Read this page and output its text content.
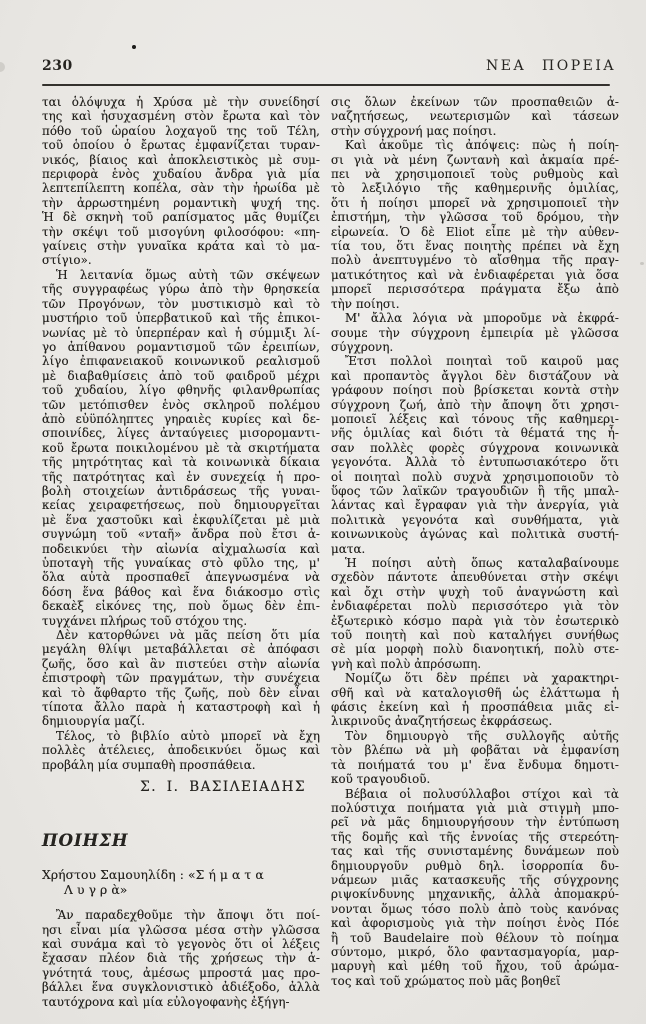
230	ΝΕΑ ΠΟΡΕΙΑ
ται ὁλόψυχα ἡ Χρύσα μὲ τὴν συνείδησί
της καὶ ἡσυχασμένη στὸν ἔρωτα καὶ τὸν
πόθο τοῦ ὡραίου λοχαγοῦ της τοῦ Τέλη,
τοῦ ὁποίου ὁ ἔρωτας ἐμφανίζεται τυραν-
νικός, βίαιος καὶ ἀποκλειστικὸς μὲ συμ-
περιφορὰ ἑνὸς χυδαίου ἄνδρα γιὰ μία
λεπτεπίλεπτη κοπέλα, σὰν τὴν ἡρωίδα μὲ
τὴν ἀρρωστημένη ρομαντικὴ ψυχή της.
Ἡ δὲ σκηνὴ τοῦ ραπίσματος μᾶς θυμίζει
τὴν σκέψι τοῦ μισογύνη φιλοσόφου: «πη-
γαίνεις στὴν γυναῖκα κράτα καὶ τὸ μα-
στίγιο».
Ἡ λειτανία ὅμως αὐτὴ τῶν σκέψεων
τῆς συγγραφέως γύρω ἀπὸ τὴν θρησκεία
τῶν Προγόνων, τὸν μυστικισμὸ καὶ τὸ
μυστήριο τοῦ ὑπερβατικοῦ καὶ τῆς ἐπικοι-
νωνίας μὲ τὸ ὑπερπέραν καὶ ἡ σύμμιξι λί-
γο ἀπίθανου ρομαντισμοῦ τῶν ἐρειπίων,
λίγο ἐπιφανειακοῦ κοινωνικοῦ ρεαλισμοῦ
μὲ διαβαθμίσεις ἀπὸ τοῦ φαιδροῦ μέχρι
τοῦ χυδαίου, λίγο φθηνῆς φιλανθρωπίας
τῶν μετόπισθεν ἑνὸς σκληροῦ πολέμου
ἀπὸ εὐϋπόληπτες γηραιὲς κυρίες καὶ δε-
σποινίδες, λίγες ἀνταύγειες μισορομαντι-
κοῦ ἔρωτα ποικιλομένου μὲ τὰ σκιρτήματα
τῆς μητρότητας καὶ τὰ κοινωνικὰ δίκαια
τῆς πατρότητας καὶ ἐν συνεχείᾳ ἡ προ-
βολὴ στοιχείων ἀντιδράσεως τῆς γυναι-
κείας χειραφετήσεως, ποὺ δημιουργεῖται
μὲ ἕνα χαστοῦκι καὶ ἐκφυλίζεται μὲ μιὰ
συγνώμη τοῦ «νταῆ» ἄνδρα ποὺ ἔτσι ἀ-
ποδεικνύει τὴν αἰωνία αἰχμαλωσία καὶ
ὑποταγὴ τῆς γυναίκας στὸ φῦλο της, μ'
ὅλα αὐτὰ προσπαθεῖ ἀπεγνωσμένα νὰ
δόση ἕνα βάθος καὶ ἕνα διάκοσμο στὶς
δεκαὲξ εἰκόνες της, ποὺ ὅμως δὲν ἐπι-
τυγχάνει πλήρως τοῦ στόχου της.
Δὲν κατορθώνει νὰ μᾶς πείση ὅτι μία
μεγάλη θλίψι μεταβάλλεται σὲ ἀπόφασι
ζωῆς, ὅσο καὶ ἂν πιστεύει στὴν αἰωνία
ἐπιστροφὴ τῶν πραγμάτων, τὴν συνέχεια
καὶ τὸ ἄφθαρτο τῆς ζωῆς, ποὺ δὲν εἶναι
τίποτα ἄλλο παρὰ ἡ καταστροφὴ καὶ ἡ
δημιουργία μαζί.
Τέλος, τὸ βιβλίο αὐτὸ μπορεῖ νὰ ἔχη
πολλὲς ἀτέλειες, ἀποδεικνύει ὅμως καὶ
προβάλη μία συμπαθὴ προσπάθεια.
Σ. Ι. ΒΑΣΙΛΕΙΑΔΗΣ
ΠΟΙΗΣΗ
Χρήστου Σαμουηλίδη : «Σ ή μ α τ α
Λ υ γ ρ ὰ»
Ἂν παραδεχθοῦμε τὴν ἄποψι ὅτι ποί-
ησι εἶναι μία γλῶσσα μέσα στὴν γλῶσσα
καὶ συνάμα καὶ τὸ γεγονὸς ὅτι οἱ λέξεις
ἔχασαν πλέον διὰ τῆς χρήσεως τὴν ἁ-
γνότητά τους, ἀμέσως μπροστά μας προ-
βάλλει ἕνα συγκλονιστικὸ ἀδιέξοδο, ἀλλὰ
ταυτόχρονα καὶ μία εὐλογοφανὴς ἐξήγη-
σις ὅλων ἐκείνων τῶν προσπαθειῶν ἀ-
ναζητήσεως, νεωτερισμῶν καὶ τάσεων
στὴν σύγχρονή μας ποίησι.
Καὶ ἀκοῦμε τὶς ἀπόψεις: πὼς ἡ ποίη-
σι γιὰ νὰ μένη ζωντανὴ καὶ ἀκμαία πρέ-
πει νὰ χρησιμοποιεῖ τοὺς ρυθμοὺς καὶ
τὸ λεξιλόγιο τῆς καθημερινῆς ὁμιλίας,
ὅτι ἡ ποίησι μπορεῖ νὰ χρησιμοποιεῖ τὴν
ἐπιστήμη, τὴν γλῶσσα τοῦ δρόμου, τὴν
εἰρωνεία. Ὁ δὲ Eliot εἶπε μὲ τὴν αὐθεν-
τία του, ὅτι ἕνας ποιητὴς πρέπει νὰ ἔχη
πολὺ ἀνεπτυγμένο τὸ αἴσθημα τῆς πραγ-
ματικότητος καὶ νὰ ἐνδιαφέρεται γιὰ ὅσα
μπορεῖ περισσότερα πράγματα ἔξω ἀπὸ
τὴν ποίησι.
Μ' ἄλλα λόγια νὰ μποροῦμε νὰ ἐκφρά-
σουμε τὴν σύγχρονη ἐμπειρία μὲ γλῶσσα
σύγχρονη.
Ἔτσι πολλοὶ ποιηταὶ τοῦ καιροῦ μας
καὶ προπαντὸς ἄγγλοι δὲν διστάζουν νὰ
γράφουν ποίησι ποὺ βρίσκεται κοντὰ στὴν
σύγχρονη ζωή, ἀπὸ τὴν ἄποψη ὅτι χρησι-
μοποιεῖ λέξεις καὶ τόνους τῆς καθημερι-
νῆς ὁμιλίας καὶ διότι τὰ θέματά της ἦ-
σαν πολλὲς φορὲς σύγχρονα κοινωνικὰ
γεγονότα. Ἀλλὰ τὸ ἐντυπωσιακότερο ὅτι
οἱ ποιηταὶ πολὺ συχνὰ χρησιμοποιοῦν τὸ
ὕφος τῶν λαϊκῶν τραγουδιῶν ἢ τῆς μπαλ-
λάντας καὶ ἔγραφαν γιὰ τὴν ἀνεργία, γιὰ
πολιτικὰ γεγονότα καὶ συνθήματα, γιὰ
κοινωνικοὺς ἀγώνας καὶ πολιτικὰ συστή-
ματα.
Ἡ ποίησι αὐτὴ ὅπως καταλαβαίνουμε
σχεδὸν πάντοτε ἀπευθύνεται στὴν σκέψι
καὶ ὄχι στὴν ψυχὴ τοῦ ἀναγνώστη καὶ
ἐνδιαφέρεται πολὺ περισσότερο γιὰ τὸν
ἐξωτερικὸ κόσμο παρὰ γιὰ τὸν ἐσωτερικὸ
τοῦ ποιητὴ καὶ ποὺ καταλήγει συνήθως
σὲ μία μορφὴ πολὺ διανοητική, πολὺ στε-
γνὴ καὶ πολὺ ἀπρόσωπη.
Νομίζω ὅτι δὲν πρέπει νὰ χαρακτηρι-
σθῆ καὶ νὰ καταλογισθῆ ὡς ἐλάττωμα ἡ
φάσις ἐκείνη καὶ ἡ προσπάθεια μιᾶς εἰ-
λικρινοῦς ἀναζητήσεως ἐκφράσεως.
Τὸν δημιουργὸ τῆς συλλογῆς αὐτῆς
τὸν βλέπω νὰ μὴ φοβᾶται νὰ ἐμφανίση
τὰ ποιήματά του μ' ἕνα ἔνδυμα δημοτι-
κοῦ τραγουδιοῦ.
Βέβαια οἱ πολυσύλλαβοι στίχοι καὶ τὰ
πολύστιχα ποιήματα γιὰ μιὰ στιγμὴ μπο-
ρεῖ νὰ μᾶς δημιουργήσουν τὴν ἐντύπωση
τῆς δομῆς καὶ τῆς ἐννοίας τῆς στερεότη-
τας καὶ τῆς συνισταμένης δυνάμεων ποὺ
δημιουργοῦν ρυθμὸ δηλ. ἰσορροπία δυ-
νάμεων μιᾶς κατασκευῆς τῆς σύγχρονης
ριψοκίνδυνης μηχανικῆς, ἀλλὰ ἀπομακρύ-
νονται ὅμως τόσο πολὺ ἀπὸ τοὺς κανόνας
καὶ ἀφορισμοὺς γιὰ τὴν ποίησι ἑνὸς Πόε
ἢ τοῦ Baudelaire ποὺ θέλουν τὸ ποίημα
σύντομο, μικρό, ὅλο φαντασμαγορία, μαρ-
μαρυγὴ καὶ μέθη τοῦ ἤχου, τοῦ ἀρώμα-
τος καὶ τοῦ χρώματος ποὺ μᾶς βοηθεῖ
